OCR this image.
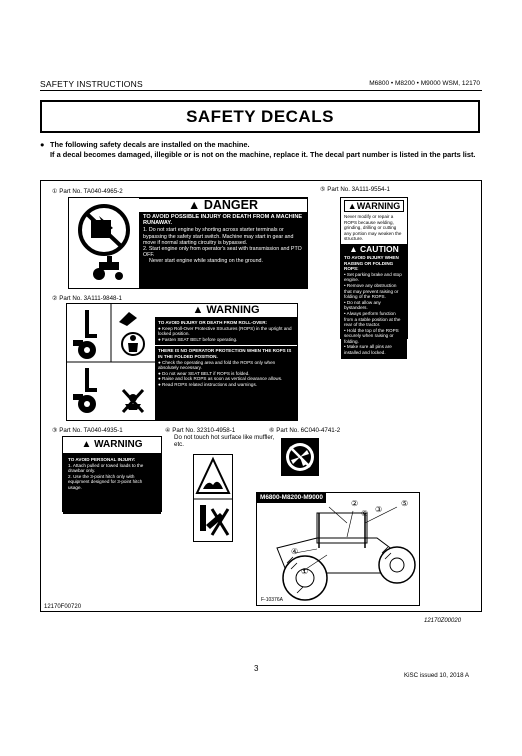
SAFETY INSTRUCTIONS	M6800 • M8200 • M9000 WSM, 12170
SAFETY DECALS
● The following safety decals are installed on the machine.
If a decal becomes damaged, illegible or is not on the machine, replace it. The decal part number is listed in the parts list.
① Part No. TA040-4965-2
▲ DANGER
TO AVOID POSSIBLE INJURY OR DEATH FROM A MACHINE RUNAWAY.
1. Do not start engine by shorting across starter terminals or bypassing the safety start switch. Machine may start in gear and move if normal starting circuitry is bypassed.
2. Start engine only from operator's seat with transmission and PTO OFF.
Never start engine while standing on the ground.
⑤ Part No. 3A111-9554-1
▲WARNING
Never modify or repair a ROPS because welding, grinding, drilling or cutting any portion may weaken the structure.
▲ CAUTION
TO AVOID INJURY WHEN RAISING OR FOLDING ROPS:
• Set parking brake and stop engine.
• Remove any obstruction that may prevent raising or folding of the ROPS.
• Do not allow any bystanders.
• Always perform function from a stable position at the rear of the tractor.
• Hold the top of the ROPS securely when raising or folding.
• Make sure all pins are installed and locked.
② Part No. 3A111-9848-1
▲ WARNING
TO AVOID INJURY OR DEATH FROM ROLL-OVER:
● Keep Roll-Over Protective Structures (ROPS) in the upright and locked position.
● Fasten SEAT BELT before operating.
THERE IS NO OPERATOR PROTECTION WHEN THE ROPS IS IN THE FOLDED POSITION.
● Check the operating area and fold the ROPS only when absolutely necessary.
● Do not wear SEAT BELT if ROPS is folded.
● Raise and lock ROPS as soon as vertical clearance allows.
● Read ROPS related instructions and warnings.
③ Part No. TA040-4935-1	④ Part No. 32310-4958-1
Do not touch hot surface like muffler, etc.
⑥ Part No. 6C040-4741-2
▲ WARNING
TO AVOID PERSONAL INJURY:
1. Attach pulled or towed loads to the drawbar only.
2. Use the 3-point hitch only with equipment designed for 3-point hitch usage.
M6800-M8200-M9000
②	⑤
③
④
⑥
①
F-10376A
12170F00720
12170Z00020
3
KiSC issued 10, 2018 A
